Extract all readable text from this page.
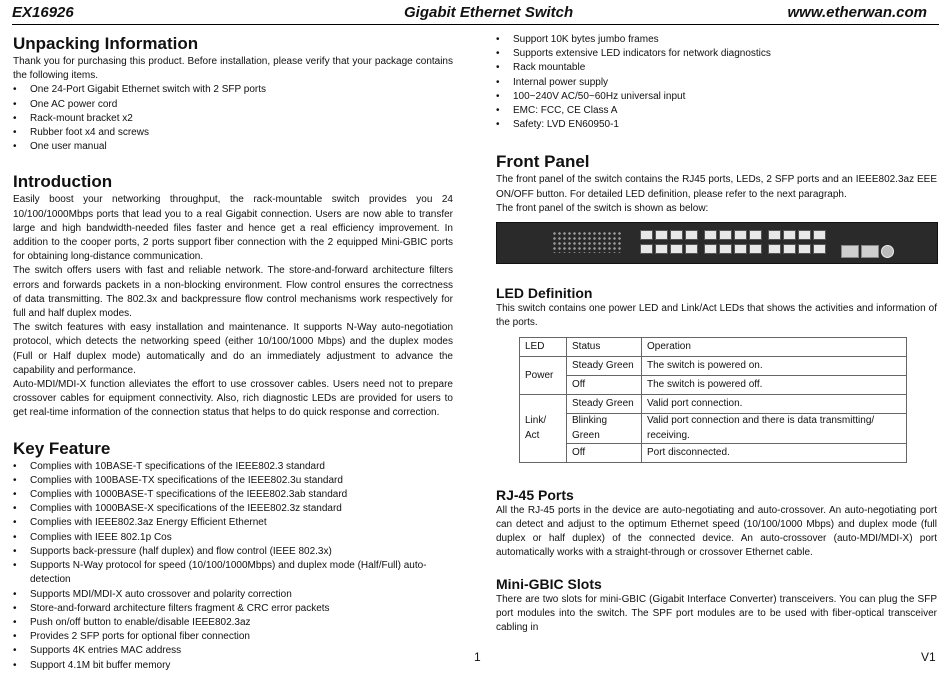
EX16926	Gigabit Ethernet Switch	www.etherwan.com
Unpacking Information

Thank you for purchasing this product. Before installation, please verify that your package contains the following items.

• One 24-Port Gigabit Ethernet switch with 2 SFP ports
• One AC power cord
• Rack-mount bracket x2
• Rubber foot x4 and screws
• One user manual
Introduction

Easily boost your networking throughput, the rack-mountable switch provides you 24 10/100/1000Mbps ports that lead you to a real Gigabit connection. Users are now able to transfer large and high bandwidth-needed files faster and hence get a real efficiency improvement. In addition to the cooper ports, 2 ports support fiber connection with the 2 equipped Mini-GBIC ports for obtaining long-distance communication.

The switch offers users with fast and reliable network. The store-and-forward architecture filters errors and forwards packets in a non-blocking environment. Flow control ensures the correctness of data transmitting. The 802.3x and backpressure flow control mechanisms work respectively for full and half duplex modes.

The switch features with easy installation and maintenance. It supports N-Way auto-negotiation protocol, which detects the networking speed (either 10/100/1000 Mbps) and the duplex modes (Full or Half duplex mode) automatically and do an immediately adjustment to advance the capability and performance.

Auto-MDI/MDI-X function alleviates the effort to use crossover cables. Users need not to prepare crossover cables for equipment connectivity. Also, rich diagnostic LEDs are provided for users to get real-time information of the connection status that helps to do quick response and correction.

Key Feature
• Complies with 10BASE-T specifications of the IEEE802.3 standard
• Complies with 100BASE-TX specifications of the IEEE802.3u standard
• Complies with 1000BASE-T specifications of the IEEE802.3ab standard
• Complies with 1000BASE-X specifications of the IEEE802.3z standard
• Complies with IEEE802.3az Energy Efficient Ethernet
• Complies with IEEE 802.1p Cos
• Supports back-pressure (half duplex) and flow control (IEEE 802.3x)
• Supports N-Way protocol for speed (10/100/1000Mbps) and duplex mode (Half/Full) auto-detection
• Supports MDI/MDI-X auto crossover and polarity correction
• Store-and-forward architecture filters fragment & CRC error packets
• Push on/off button to enable/disable IEEE802.3az
• Provides 2 SFP ports for optional fiber connection
• Supports 4K entries MAC address
• Support 4.1M bit buffer memory
• Support 10K bytes jumbo frames
• Supports extensive LED indicators for network diagnostics
• Rack mountable
• Internal power supply
• 100~240V AC/50~60Hz universal input
• EMC: FCC, CE Class A
• Safety: LVD EN60950-1
Front Panel

The front panel of the switch contains the RJ45 ports, LEDs, 2 SFP ports and an IEEE802.3az EEE ON/OFF button. For detailed LED definition, please refer to the next paragraph.

The front panel of the switch is shown as below:

LED Definition

This switch contains one power LED and Link/Act LEDs that shows the activities and information of the ports.

LED	Status	Operation
Power	Steady Green	The switch is powered on.
	Off	The switch is powered off.
Link/ Act	Steady Green	Valid port connection.
	Blinking Green	Valid port connection and there is data transmitting/ receiving.
	Off	Port disconnected.
RJ-45 Ports

All the RJ-45 ports in the device are auto-negotiating and auto-crossover. An auto-negotiating port can detect and adjust to the optimum Ethernet speed (10/100/1000 Mbps) and duplex mode (full duplex or half duplex) of the connected device. An auto-crossover (auto-MDI/MDI-X) port automatically works with a straight-through or crossover Ethernet cable.

Mini-GBIC Slots

There are two slots for mini-GBIC (Gigabit Interface Converter) transceivers. You can plug the SFP port modules into the switch. The SPF port modules are to be used with fiber-optical transceiver cabling in

1	V1
